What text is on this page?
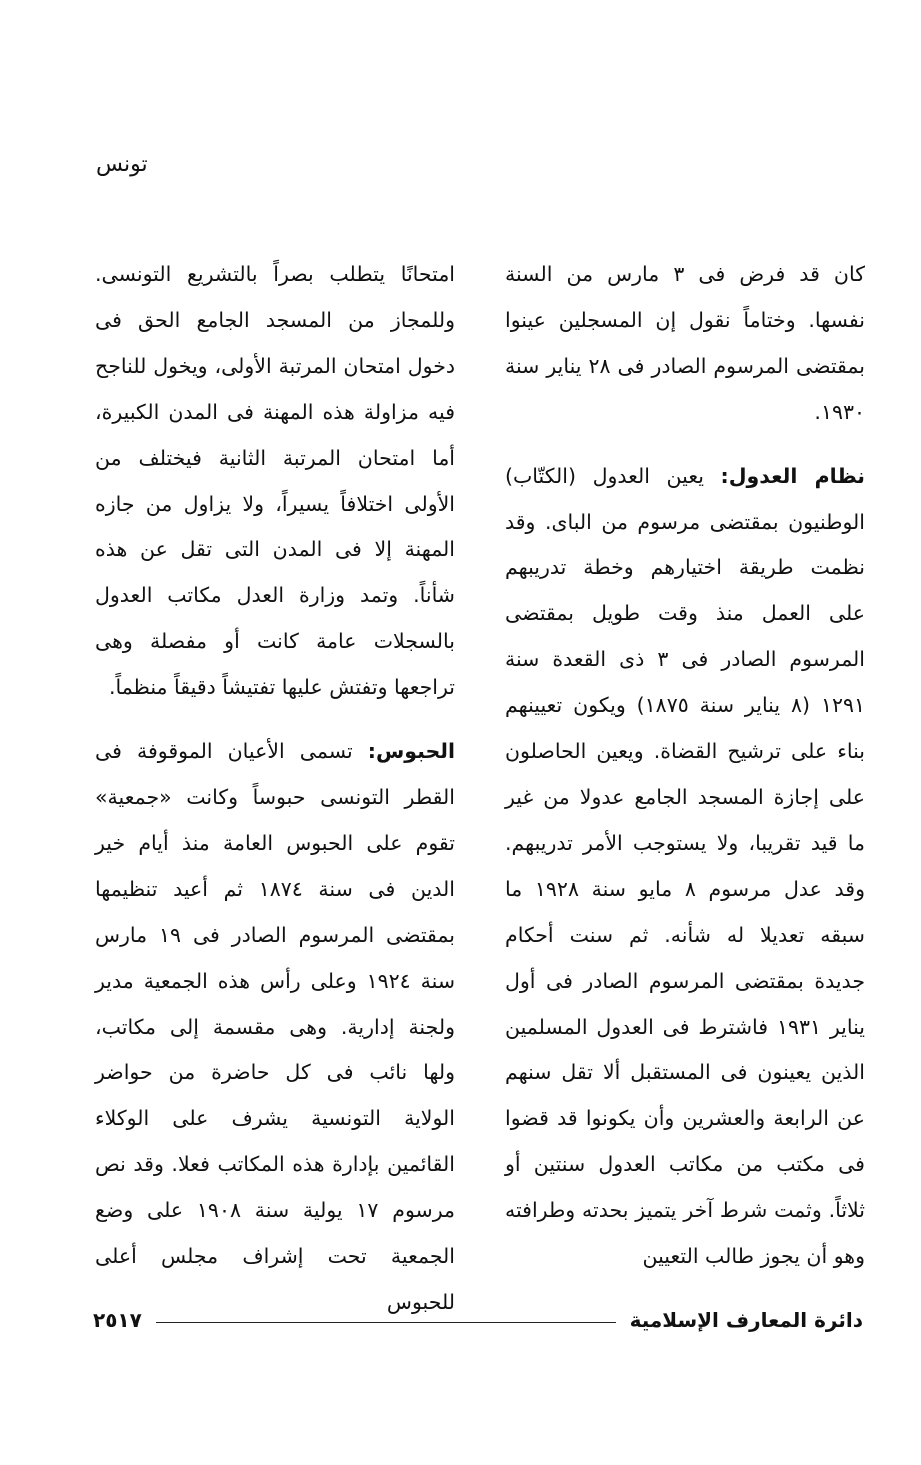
تونس

كان قد فرض فى ٣ مارس من السنة نفسها. وختاماً نقول إن المسجلين عينوا بمقتضى المرسوم الصادر فى ٢٨ يناير سنة ١٩٣٠.

نظام العدول: يعين العدول (الكتّاب) الوطنيون بمقتضى مرسوم من الباى. وقد نظمت طريقة اختيارهم وخطة تدريبهم على العمل منذ وقت طويل بمقتضى المرسوم الصادر فى ٣ ذى القعدة سنة ١٢٩١ (٨ يناير سنة ١٨٧٥) ويكون تعيينهم بناء على ترشيح القضاة. ويعين الحاصلون على إجازة المسجد الجامع عدولا من غير ما قيد تقريبا، ولا يستوجب الأمر تدريبهم. وقد عدل مرسوم ٨ مايو سنة ١٩٢٨ ما سبقه تعديلا له شأنه. ثم سنت أحكام جديدة بمقتضى المرسوم الصادر فى أول يناير ١٩٣١ فاشترط فى العدول المسلمين الذين يعينون فى المستقبل ألا تقل سنهم عن الرابعة والعشرين وأن يكونوا قد قضوا فى مكتب من مكاتب العدول سنتين أو ثلاثاً. وثمت شرط آخر يتميز بحدته وطرافته وهو أن يجوز طالب التعيين

امتحانًا يتطلب بصراً بالتشريع التونسى. وللمجاز من المسجد الجامع الحق فى دخول امتحان المرتبة الأولى، ويخول للناجح فيه مزاولة هذه المهنة فى المدن الكبيرة، أما امتحان المرتبة الثانية فيختلف من الأولى اختلافاً يسيراً، ولا يزاول من جازه المهنة إلا فى المدن التى تقل عن هذه شأناً. وتمد وزارة العدل مكاتب العدول بالسجلات عامة كانت أو مفصلة وهى تراجعها وتفتش عليها تفتيشاً دقيقاً منظماً.

الحبوس: تسمى الأعيان الموقوفة فى القطر التونسى حبوساً وكانت «جمعية» تقوم على الحبوس العامة منذ أيام خير الدين فى سنة ١٨٧٤ ثم أعيد تنظيمها بمقتضى المرسوم الصادر فى ١٩ مارس سنة ١٩٢٤ وعلى رأس هذه الجمعية مدير ولجنة إدارية. وهى مقسمة إلى مكاتب، ولها نائب فى كل حاضرة من حواضر الولاية التونسية يشرف على الوكلاء القائمين بإدارة هذه المكاتب فعلا. وقد نص مرسوم ١٧ يولية سنة ١٩٠٨ على وضع الجمعية تحت إشراف مجلس أعلى للحبوس

دائرة المعارف الإسلامية
٢٥١٧
